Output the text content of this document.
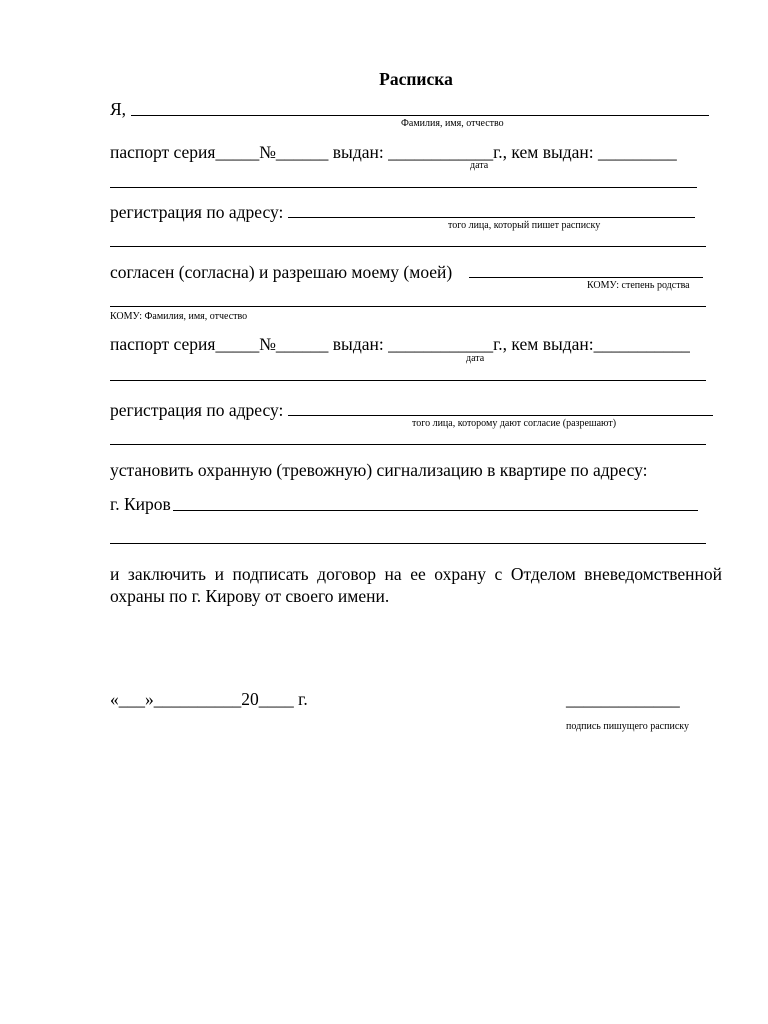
Расписка
Я,
Фамилия, имя, отчество
паспорт серия_____№______ выдан: ____________г., кем выдан: _________
дата
регистрация по адресу:
того лица, который пишет расписку
согласен (согласна) и разрешаю моему (моей)
КОМУ: степень родства
КОМУ: Фамилия, имя, отчество
паспорт серия_____№______ выдан: ____________г., кем выдан:___________
дата
регистрация по адресу:
того лица, которому дают согласие (разрешают)
установить охранную (тревожную) сигнализацию в квартире по адресу:
г. Киров
и заключить и подписать договор на ее охрану с Отделом вневедомственной охраны по г. Кирову от своего имени.
«___»__________20____ г.	_____________
подпись пишущего расписку
